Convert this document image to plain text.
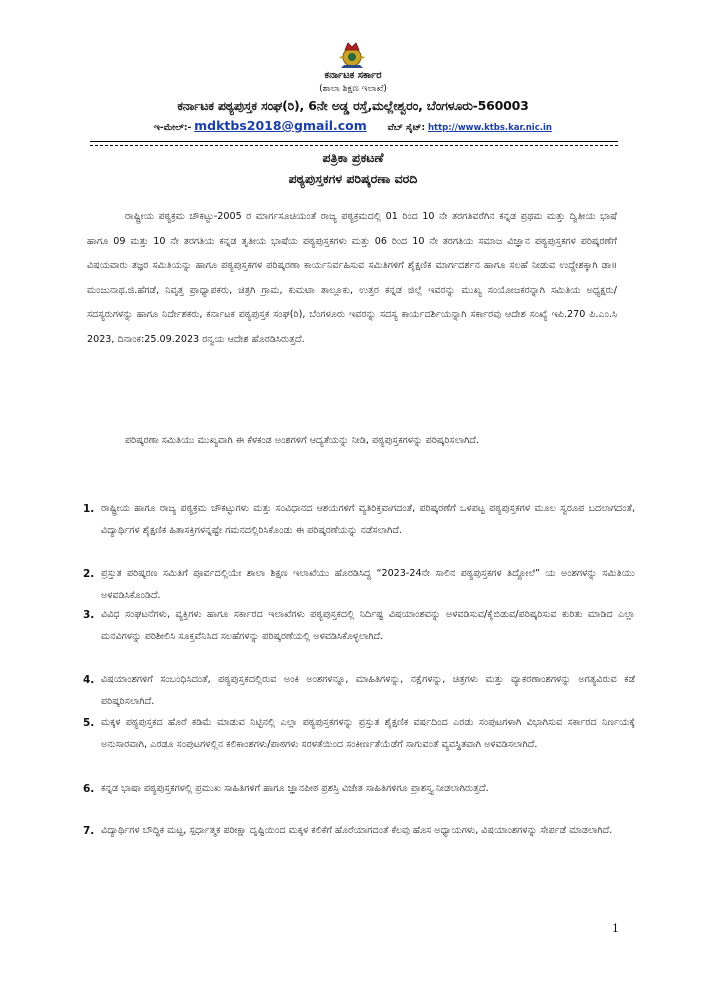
ಕರ್ನಾಟಕ ಸರ್ಕಾರ
(ಶಾಲಾ ಶಿಕ್ಷಣ ಇಲಾಖೆ)
ಕರ್ನಾಟಕ ಪಠ್ಯಪುಸ್ತಕ ಸಂಘ(ರಿ), 6ನೇ ಅಡ್ಡ ರಸ್ತೆ,ಮಲ್ಲೇಶ್ವರಂ, ಬೆಂಗಳೂರು-560003
ಇ-ಮೇಲ್:- mdktbs2018@gmail.com ವೆಬ್ ಸೈಟ್: http://www.ktbs.kar.nic.in
ಪತ್ರಿಕಾ ಪ್ರಕಟಣೆ
ಪಠ್ಯಪುಸ್ತಕಗಳ ಪರಿಷ್ಕರಣಾ ವರದಿ

ರಾಷ್ಟ್ರೀಯ ಪಠ್ಯಕ್ರಮ ಚೌಕಟ್ಟು-2005 ರ ಮಾರ್ಗಸೂಚಿಯಂತೆ ರಾಜ್ಯ ಪಠ್ಯಕ್ರಮದಲ್ಲಿ 01 ರಿಂದ 10 ನೇ ತರಗತಿವರೆಗಿನ ಕನ್ನಡ ಪ್ರಥಮ ಮತ್ತು ದ್ವಿತೀಯ ಭಾಷೆ ಹಾಗೂ 09 ಮತ್ತು 10 ನೇ ತರಗತಿಯ ಕನ್ನಡ ತೃತೀಯ ಭಾಷೆಯ ಪಠ್ಯಪುಸ್ತಕಗಳು ಮತ್ತು 06 ರಿಂದ 10 ನೇ ತರಗತಿಯ ಸಮಾಜ ವಿಜ್ಞಾನ ಪಠ್ಯಪುಸ್ತಕಗಳ ಪರಿಷ್ಕರಣೆಗೆ ವಿಷಯವಾರು ತಜ್ಞರ ಸಮಿತಿಯನ್ನು ಹಾಗೂ ಪಠ್ಯಪುಸ್ತಕಗಳ ಪರಿಷ್ಕರಣಾ ಕಾರ್ಯನಿರ್ವಹಿಸುವ ಸಮಿತಿಗಳಿಗೆ ಶೈಕ್ಷಣಿಕ ಮಾರ್ಗದರ್ಶನ ಹಾಗೂ ಸಲಹೆ ನೀಡುವ ಉದ್ದೇಶಕ್ಕಾಗಿ ಡಾ॥ ಮಂಜುನಾಥ.ಜಿ.ಹೆಗಡೆ, ನಿವೃತ್ತ ಪ್ರಾಧ್ಯಾಪಕರು, ಚಿತ್ರಗಿ ಗ್ರಾಮ, ಕುಮಟಾ ತಾಲ್ಲೂಕು, ಉತ್ತರ ಕನ್ನಡ ಜಿಲ್ಲೆ ಇವರನ್ನು ಮುಖ್ಯ ಸಂಯೋಜಕರನ್ನಾಗಿ ಸಮಿತಿಯ ಅಧ್ಯಕ್ಷರು/ಸದಸ್ಯರುಗಳನ್ನು ಹಾಗೂ ನಿರ್ದೇಶಕರು, ಕರ್ನಾಟಕ ಪಠ್ಯಪುಸ್ತಕ ಸಂಘ(ರಿ), ಬೆಂಗಳೂರು ಇವರನ್ನು ಸದಸ್ಯ ಕಾರ್ಯದರ್ಶಿಯನ್ನಾಗಿ ಸರ್ಕಾರವು ಆದೇಶ ಸಂಖ್ಯೆ ಇಪಿ.270 ಪಿ.ಎಂ.ಸಿ 2023, ದಿನಾಂಕ:25.09.2023 ರನ್ವಯ ಆದೇಶ ಹೊರಡಿಸಿರುತ್ತದೆ.

ಪರಿಷ್ಕರಣಾ ಸಮಿತಿಯು ಮುಖ್ಯವಾಗಿ ಈ ಕೆಳಕಂಡ ಅಂಶಗಳಿಗೆ ಆದ್ಯತೆಯನ್ನು ನೀಡಿ, ಪಠ್ಯಪುಸ್ತಕಗಳನ್ನು ಪರಿಷ್ಕರಿಸಲಾಗಿದೆ.

1. ರಾಷ್ಟ್ರೀಯ ಹಾಗೂ ರಾಜ್ಯ ಪಠ್ಯಕ್ರಮ ಚೌಕಟ್ಟುಗಳು ಮತ್ತು ಸಂವಿಧಾನದ ಆಶಯಗಳಿಗೆ ವ್ಯತಿರಿಕ್ತವಾಗದಂತೆ, ಪರಿಷ್ಕರಣೆಗೆ ಒಳಪಟ್ಟ ಪಠ್ಯಪುಸ್ತಕಗಳ ಮೂಲ ಸ್ವರೂಪ ಬದಲಾಗದಂತೆ, ವಿದ್ಯಾರ್ಥಿಗಳ ಶೈಕ್ಷಣಿಕ ಹಿತಾಸಕ್ತಿಗಳನ್ನಷ್ಟೇ ಗಮನದಲ್ಲಿರಿಸಿಕೊಂಡು ಈ ಪರಿಷ್ಕರಣೆಯನ್ನು ನಡೆಸಲಾಗಿದೆ.
2. ಪ್ರಸ್ತುತ ಪರಿಷ್ಕರಣ ಸಮಿತಿಗೆ ಪೂರ್ವದಲ್ಲಿಯೇ ಶಾಲಾ ಶಿಕ್ಷಣ ಇಲಾಖೆಯು ಹೊರಡಿಸಿದ್ದ “2023-24ನೇ ಸಾಲಿನ ಪಠ್ಯಪುಸ್ತಕಗಳ ತಿದ್ದೋಲೆ” ಯ ಅಂಶಗಳನ್ನು ಸಮಿತಿಯು ಅಳವಡಿಸಿಕೊಂಡಿದೆ.
3. ವಿವಿಧ ಸಂಘಟನೆಗಳು, ವ್ಯಕ್ತಿಗಳು ಹಾಗೂ ಸರ್ಕಾರದ ಇಲಾಖೆಗಳು ಪಠ್ಯಪುಸ್ತಕದಲ್ಲಿ ನಿರ್ದಿಷ್ಟ ವಿಷಯಾಂಶವನ್ನು ಅಳವಡಿಸುವ/ಕೈಬಿಡುವ/ಪರಿಷ್ಕರಿಸುವ ಕುರಿತು ಮಾಡಿದ ಎಲ್ಲಾ ಮನವಿಗಳನ್ನು ಪರಿಶೀಲಿಸಿ ಸೂಕ್ತವೆನಿಸಿದ ಸಲಹೆಗಳನ್ನು ಪರಿಷ್ಕರಣೆಯಲ್ಲಿ ಅಳವಡಿಸಿಕೊಳ್ಳಲಾಗಿದೆ.
4. ವಿಷಯಾಂಶಗಳಿಗೆ ಸಂಬಂಧಿಸಿದಂತೆ, ಪಠ್ಯಪುಸ್ತಕದಲ್ಲಿರುವ ಅಂಕಿ ಅಂಶಗಳನ್ನೂ, ಮಾಹಿತಿಗಳನ್ನು, ನಕ್ಷೆಗಳನ್ನು, ಚಿತ್ರಗಳು ಮತ್ತು ವ್ಯಾಕರಣಾಂಶಗಳನ್ನು ಅಗತ್ಯವಿರುವ ಕಡೆ ಪರಿಷ್ಕರಿಸಲಾಗಿದೆ.
5. ಮಕ್ಕಳ ಪಠ್ಯಪುಸ್ತಕದ ಹೊರೆ ಕಡಿಮೆ ಮಾಡುವ ನಿಟ್ಟಿನಲ್ಲಿ ಎಲ್ಲಾ ಪಠ್ಯಪುಸ್ತಕಗಳನ್ನು ಪ್ರಸ್ತುತ ಶೈಕ್ಷಣಿಕ ವರ್ಷದಿಂದ ಎರಡು ಸಂಪುಟಗಳಾಗಿ ವಿಭಾಗಿಸುವ ಸರ್ಕಾರದ ನಿರ್ಣಯಕ್ಕೆ ಅನುಸಾರವಾಗಿ, ಎರಡೂ ಸಂಪುಟಗಳಲ್ಲಿನ ಕಲಿಕಾಂಶಗಳು/ಪಾಠಗಳು ಸರಳತೆಯಿಂದ ಸಂಕೀರ್ಣತೆಯೆಡೆಗೆ ಸಾಗುವಂತೆ ವ್ಯವಸ್ಥಿತವಾಗಿ ಅಳವಡಿಸಲಾಗಿದೆ.
6. ಕನ್ನಡ ಭಾಷಾ ಪಠ್ಯಪುಸ್ತಕಗಳಲ್ಲಿ ಪ್ರಮುಖ ಸಾಹಿತಿಗಳಿಗೆ ಹಾಗೂ ಜ್ಞಾನಪೀಠ ಪ್ರಶಸ್ತಿ ವಿಜೇತ ಸಾಹಿತಿಗಳಿಗೂ ಪ್ರಾಶಸ್ತ್ಯ ನೀಡಲಾಗಿರುತ್ತದೆ.
7. ವಿದ್ಯಾರ್ಥಿಗಳ ಬೌದ್ಧಿಕ ಮಟ್ಟ, ಸ್ಪರ್ಧಾತ್ಮಕ ಪರೀಕ್ಷಾ ದೃಷ್ಟಿಯಿಂದ ಮಕ್ಕಳ ಕಲಿಕೆಗೆ ಹೊರೆಯಾಗದಂತೆ ಕೆಲವು ಹೊಸ ಅಧ್ಯಾಯಗಳು, ವಿಷಯಾಂಶಗಳನ್ನು ಸೇರ್ಪಡೆ ಮಾಡಲಾಗಿದೆ.
1
